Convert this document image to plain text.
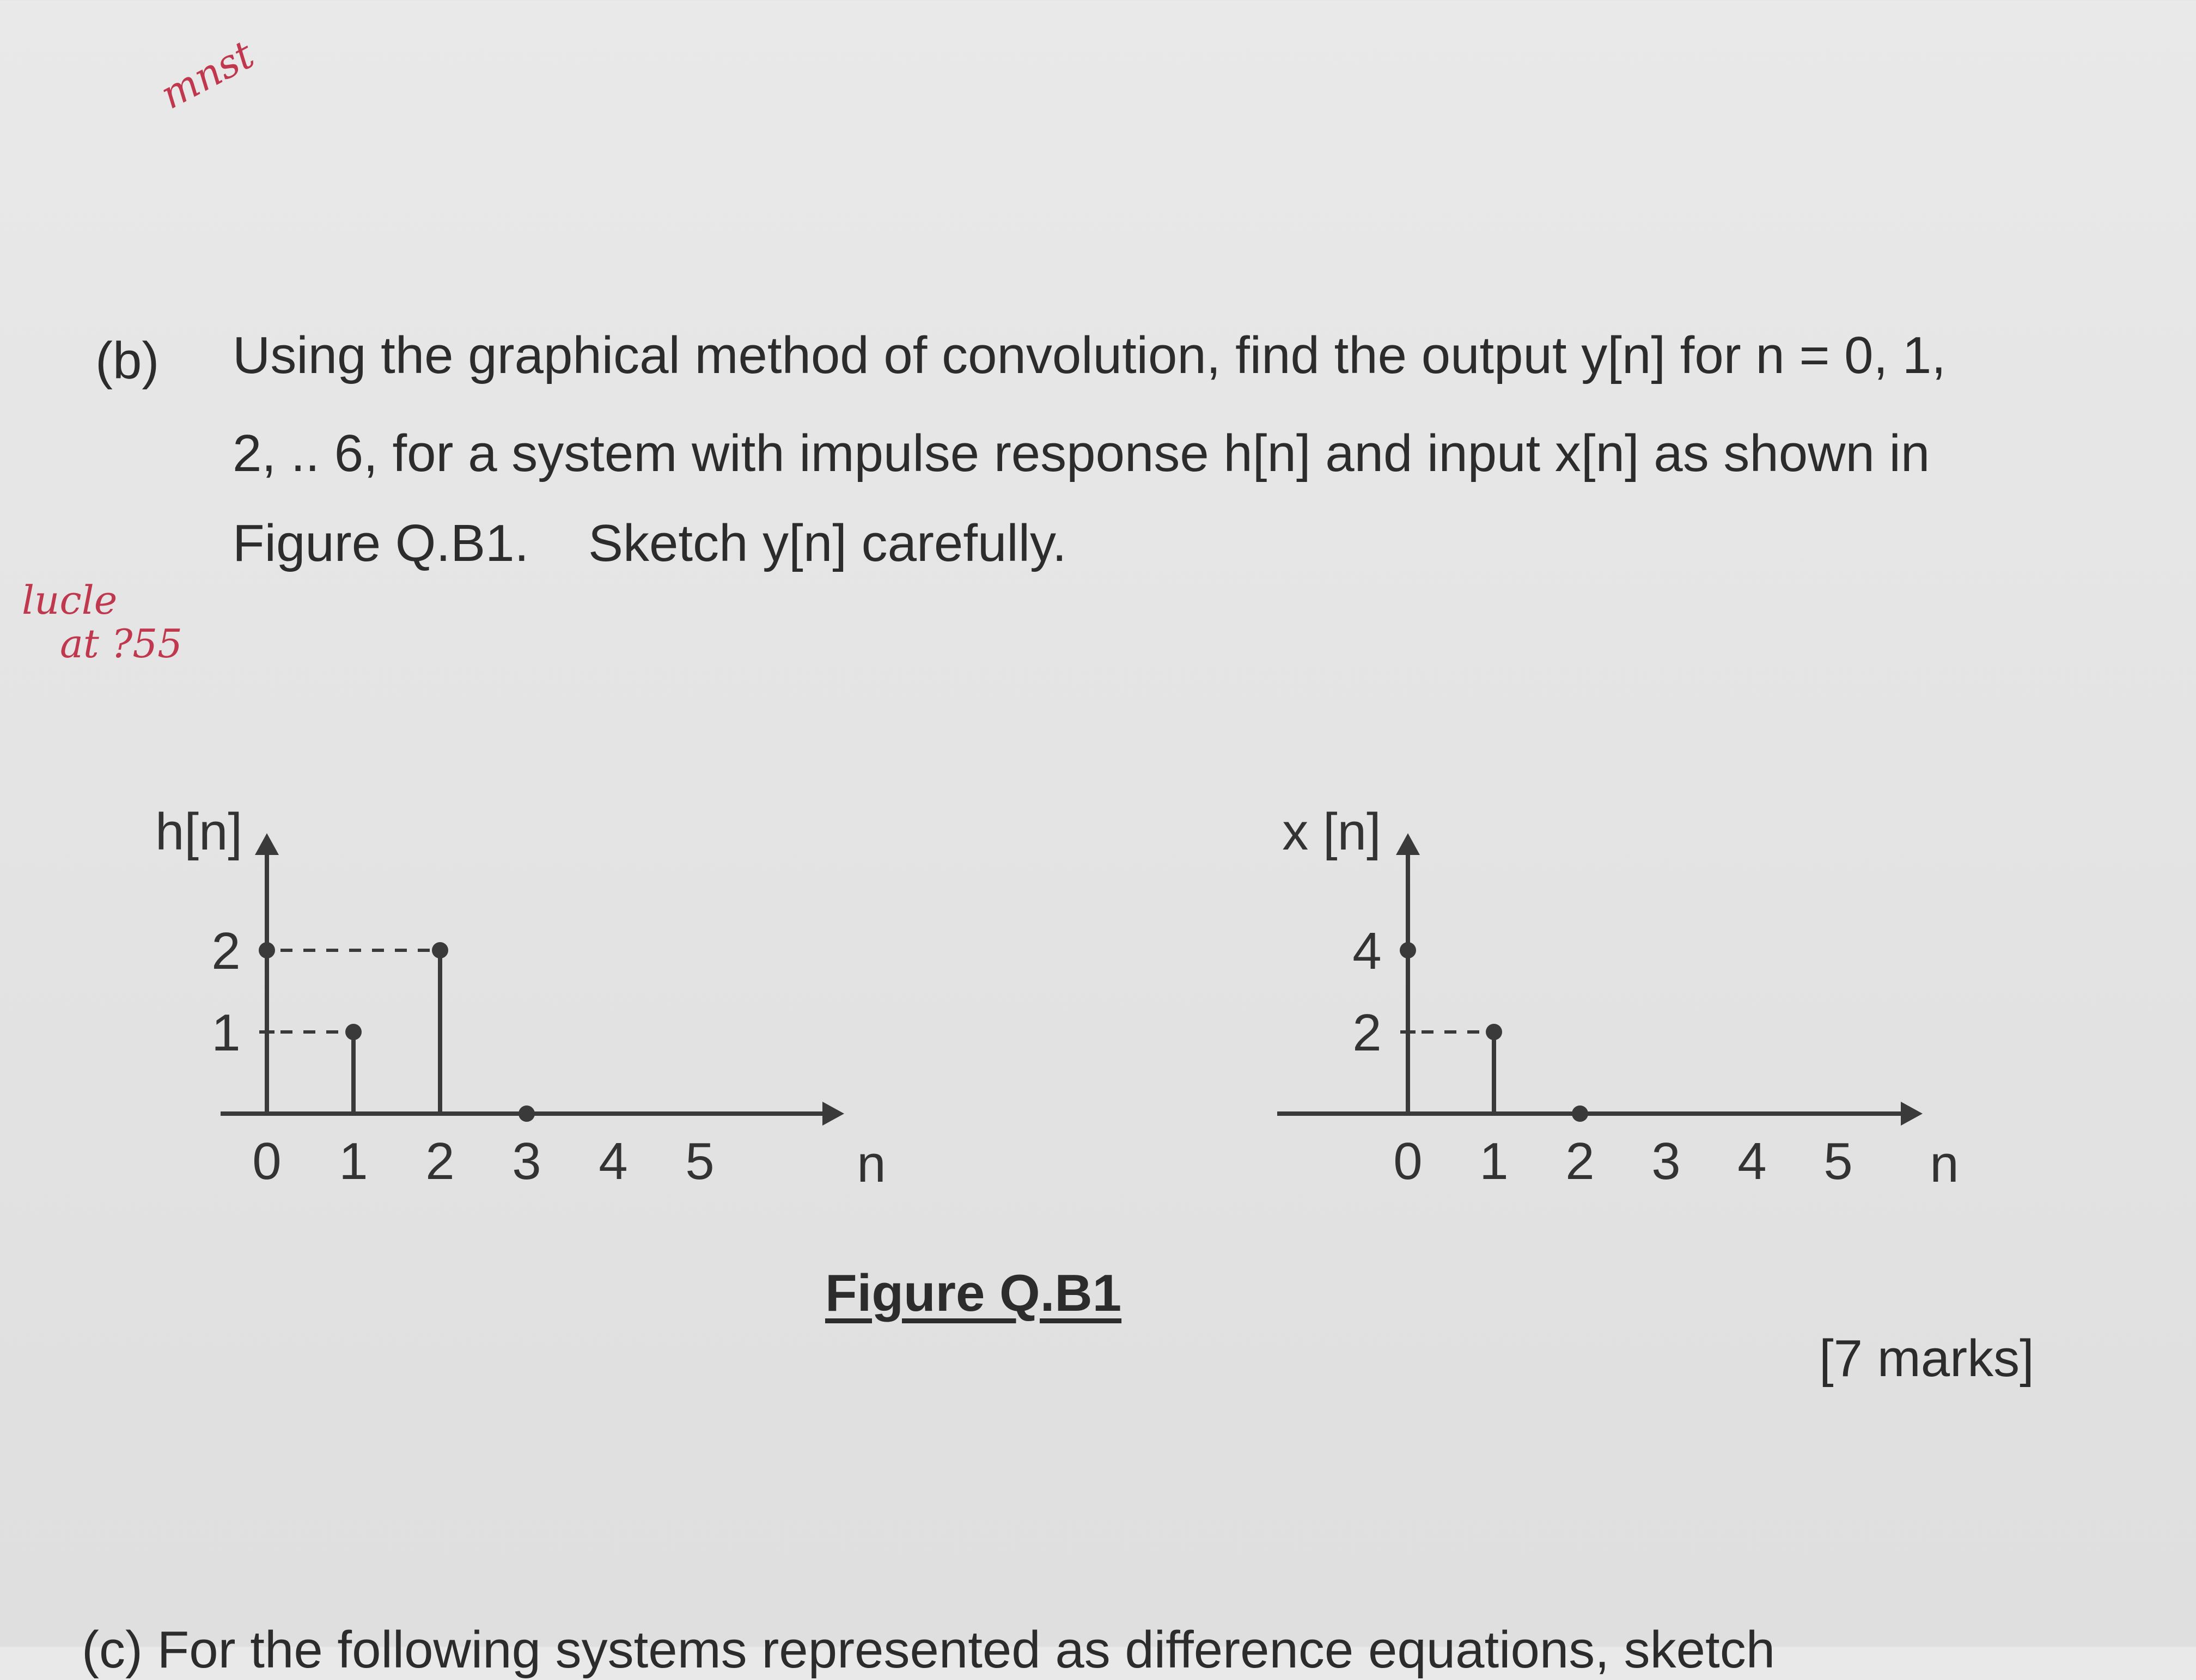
mnst

(b) Using the graphical method of convolution, find the output y[n] for n = 0, 1,

2, .. 6, for a system with impulse response h[n] and input x[n] as shown in

Figure Q.B1. Sketch y[n] carefully.
lucle
at ?55
0 1 2 3 4 5	n
h[n]
1
2
0 1 2 3 4 5 n
x [n]
2
4
Figure Q.B1
[7 marks]
(c) For the following systems represented as difference equations, sketch
